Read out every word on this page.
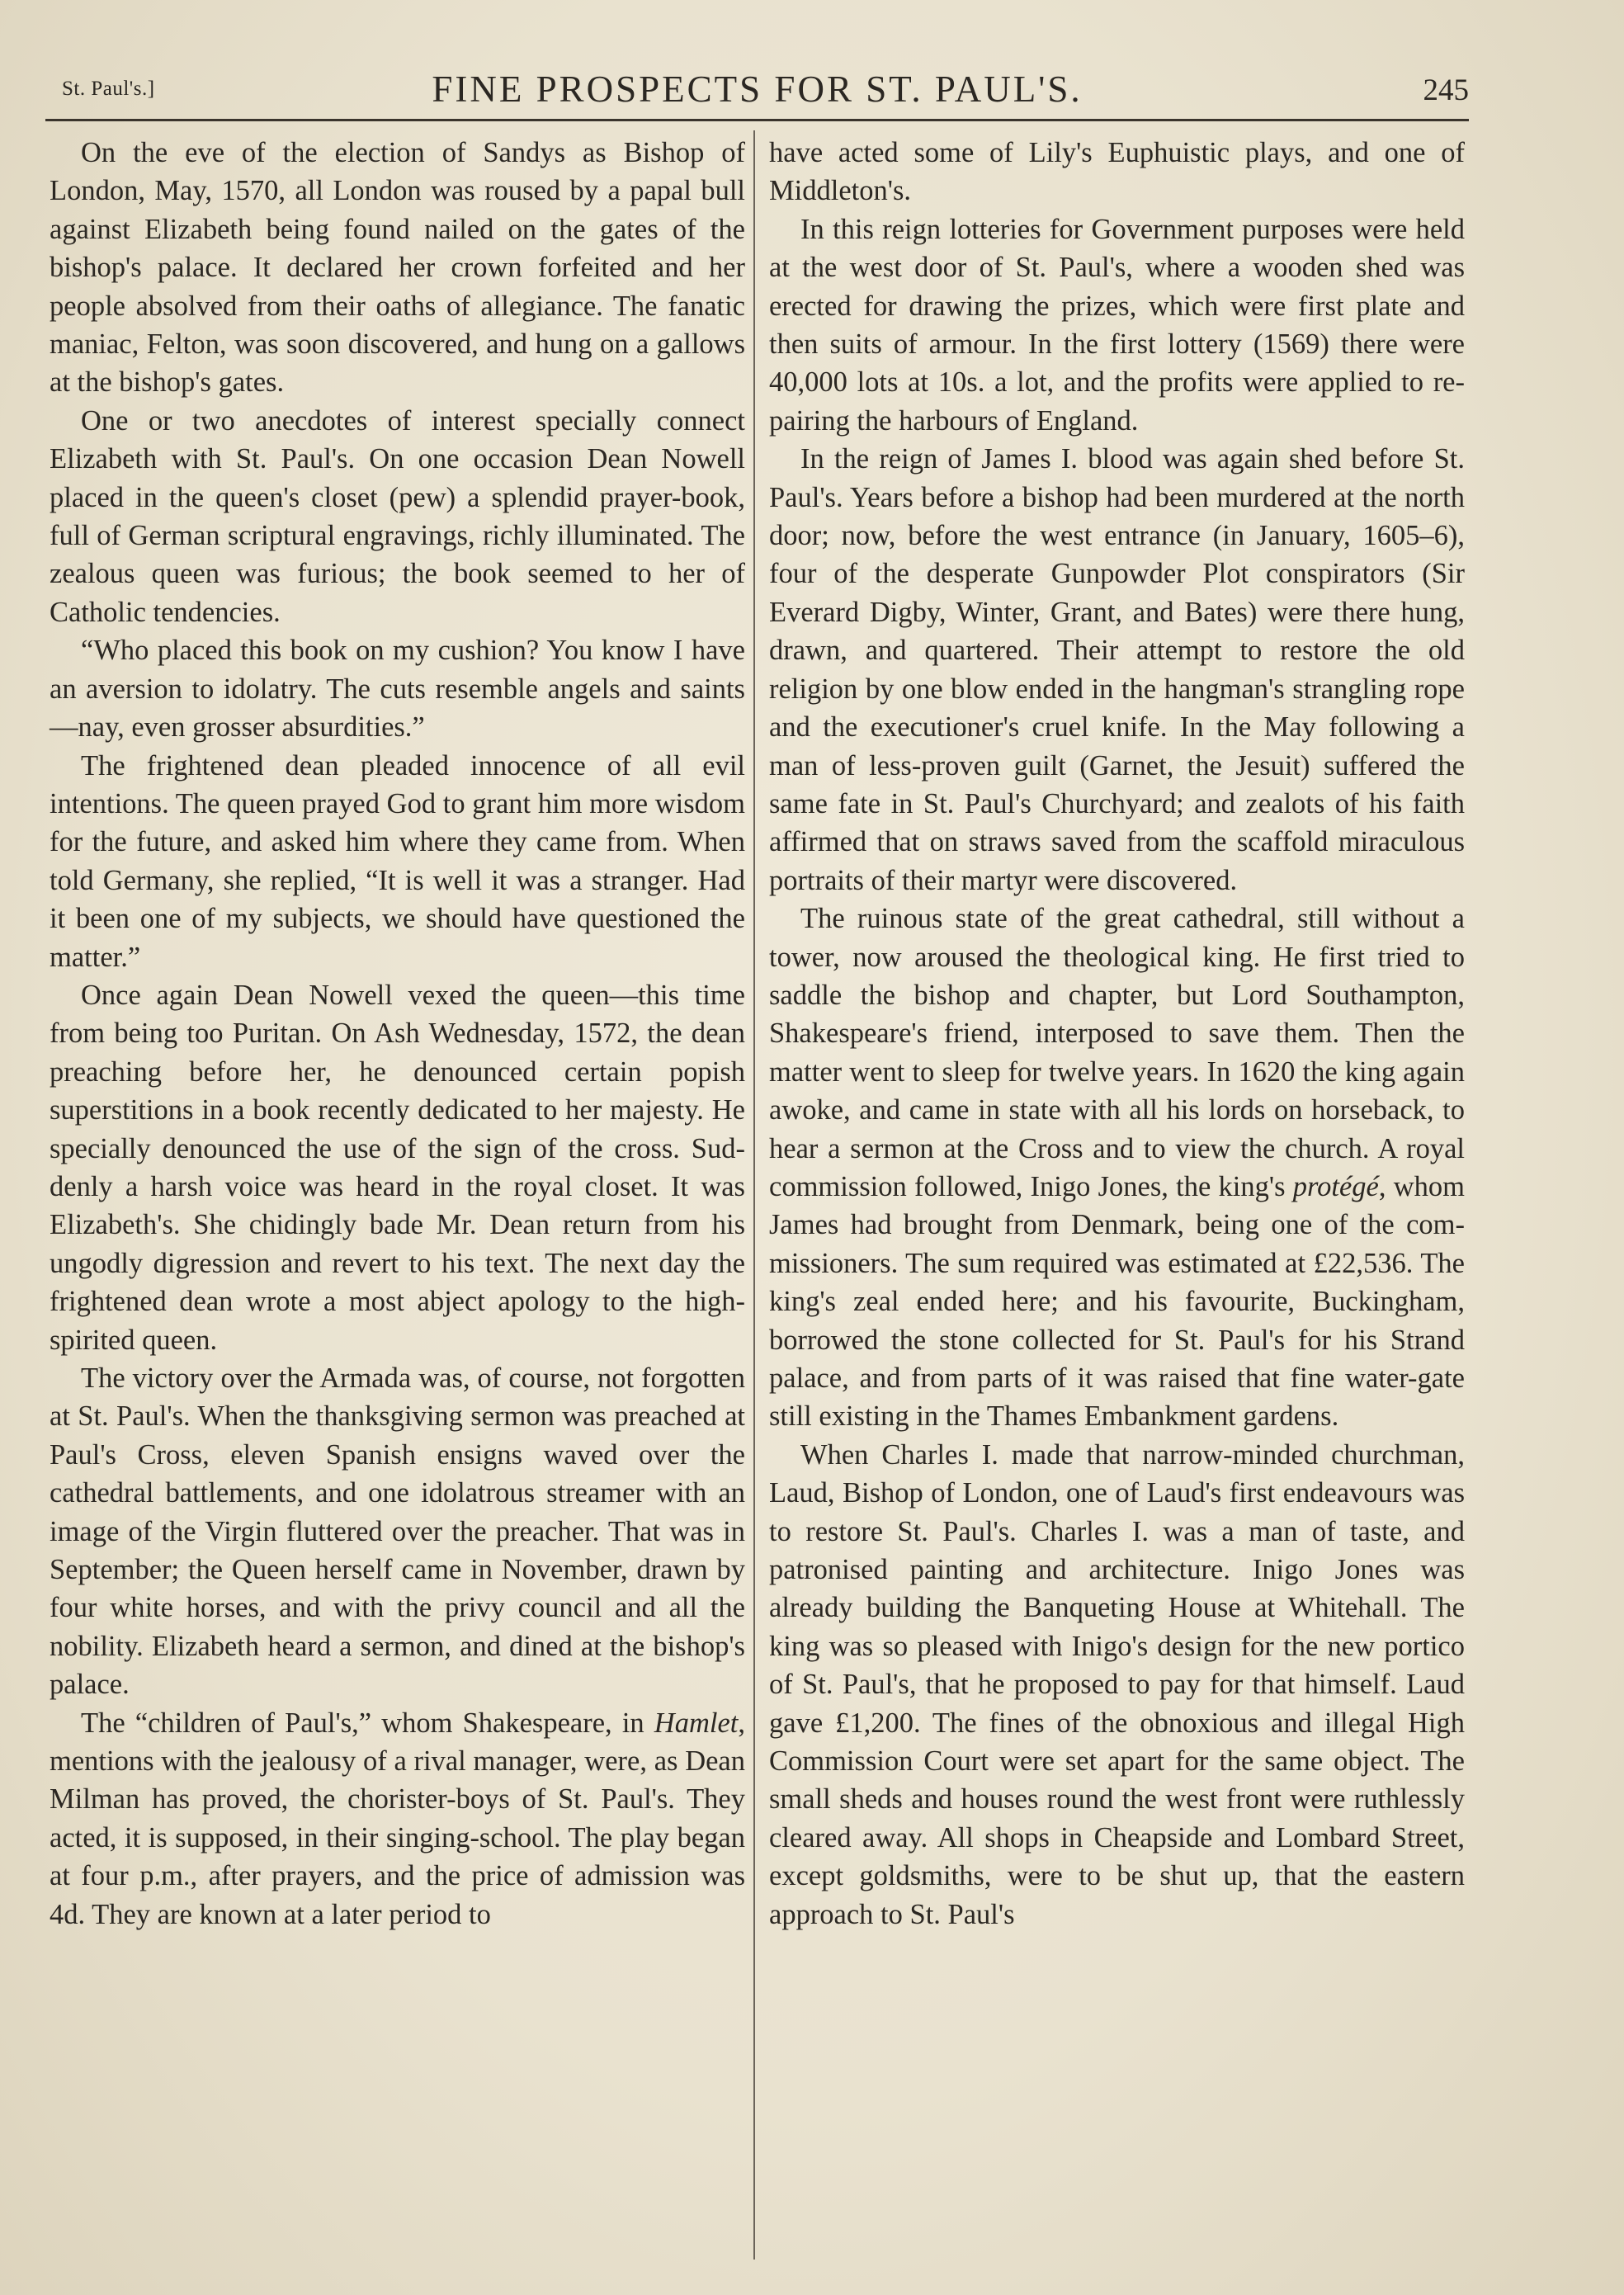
St. Paul's.]	FINE PROSPECTS FOR ST. PAUL'S.	245

On the eve of the election of Sandys as Bishop of London, May, 1570, all London was roused by a papal bull against Elizabeth being found nailed on the gates of the bishop's palace. It declared her crown forfeited and her people absolved from their oaths of allegiance. The fanatic maniac, Felton, was soon discovered, and hung on a gallows at the bishop's gates.

One or two anecdotes of interest specially connect Elizabeth with St. Paul's. On one occasion Dean Nowell placed in the queen's closet (pew) a splendid prayer-book, full of German scriptural engravings, richly illuminated. The zealous queen was furious; the book seemed to her of Catholic tendencies.

“Who placed this book on my cushion? You know I have an aversion to idolatry. The cuts resemble angels and saints—nay, even grosser absurdities.”

The frightened dean pleaded innocence of all evil intentions. The queen prayed God to grant him more wisdom for the future, and asked him where they came from. When told Germany, she replied, “It is well it was a stranger. Had it been one of my subjects, we should have questioned the matter.”

Once again Dean Nowell vexed the queen—this time from being too Puritan. On Ash Wednesday, 1572, the dean preaching before her, he denounced certain popish superstitions in a book recently dedicated to her majesty. He specially denounced the use of the sign of the cross. Suddenly a harsh voice was heard in the royal closet. It was Elizabeth's. She chidingly bade Mr. Dean return from his ungodly digression and revert to his text. The next day the frightened dean wrote a most abject apology to the high-spirited queen.

The victory over the Armada was, of course, not forgotten at St. Paul's. When the thanksgiving sermon was preached at Paul's Cross, eleven Spanish ensigns waved over the cathedral battlements, and one idolatrous streamer with an image of the Virgin fluttered over the preacher. That was in September; the Queen herself came in November, drawn by four white horses, and with the privy council and all the nobility. Elizabeth heard a sermon, and dined at the bishop's palace.

The “children of Paul's,” whom Shakespeare, in Hamlet, mentions with the jealousy of a rival manager, were, as Dean Milman has proved, the chorister-boys of St. Paul's. They acted, it is supposed, in their singing-school. The play began at four p.m., after prayers, and the price of admission was 4d. They are known at a later period to

have acted some of Lily's Euphuistic plays, and one of Middleton's.

In this reign lotteries for Government purposes were held at the west door of St. Paul's, where a wooden shed was erected for drawing the prizes, which were first plate and then suits of armour. In the first lottery (1569) there were 40,000 lots at 10s. a lot, and the profits were applied to repairing the harbours of England.

In the reign of James I. blood was again shed before St. Paul's. Years before a bishop had been murdered at the north door; now, before the west entrance (in January, 1605–6), four of the desperate Gunpowder Plot conspirators (Sir Everard Digby, Winter, Grant, and Bates) were there hung, drawn, and quartered. Their attempt to restore the old religion by one blow ended in the hangman's strangling rope and the executioner's cruel knife. In the May following a man of less-proven guilt (Garnet, the Jesuit) suffered the same fate in St. Paul's Churchyard; and zealots of his faith affirmed that on straws saved from the scaffold miraculous portraits of their martyr were discovered.

The ruinous state of the great cathedral, still without a tower, now aroused the theological king. He first tried to saddle the bishop and chapter, but Lord Southampton, Shakespeare's friend, interposed to save them. Then the matter went to sleep for twelve years. In 1620 the king again awoke, and came in state with all his lords on horseback, to hear a sermon at the Cross and to view the church. A royal commission followed, Inigo Jones, the king's protégé, whom James had brought from Denmark, being one of the commissioners. The sum required was estimated at £22,536. The king's zeal ended here; and his favourite, Buckingham, borrowed the stone collected for St. Paul's for his Strand palace, and from parts of it was raised that fine water-gate still existing in the Thames Embankment gardens.

When Charles I. made that narrow-minded churchman, Laud, Bishop of London, one of Laud's first endeavours was to restore St. Paul's. Charles I. was a man of taste, and patronised painting and architecture. Inigo Jones was already building the Banqueting House at Whitehall. The king was so pleased with Inigo's design for the new portico of St. Paul's, that he proposed to pay for that himself. Laud gave £1,200. The fines of the obnoxious and illegal High Commission Court were set apart for the same object. The small sheds and houses round the west front were ruthlessly cleared away. All shops in Cheapside and Lombard Street, except goldsmiths, were to be shut up, that the eastern approach to St. Paul's
